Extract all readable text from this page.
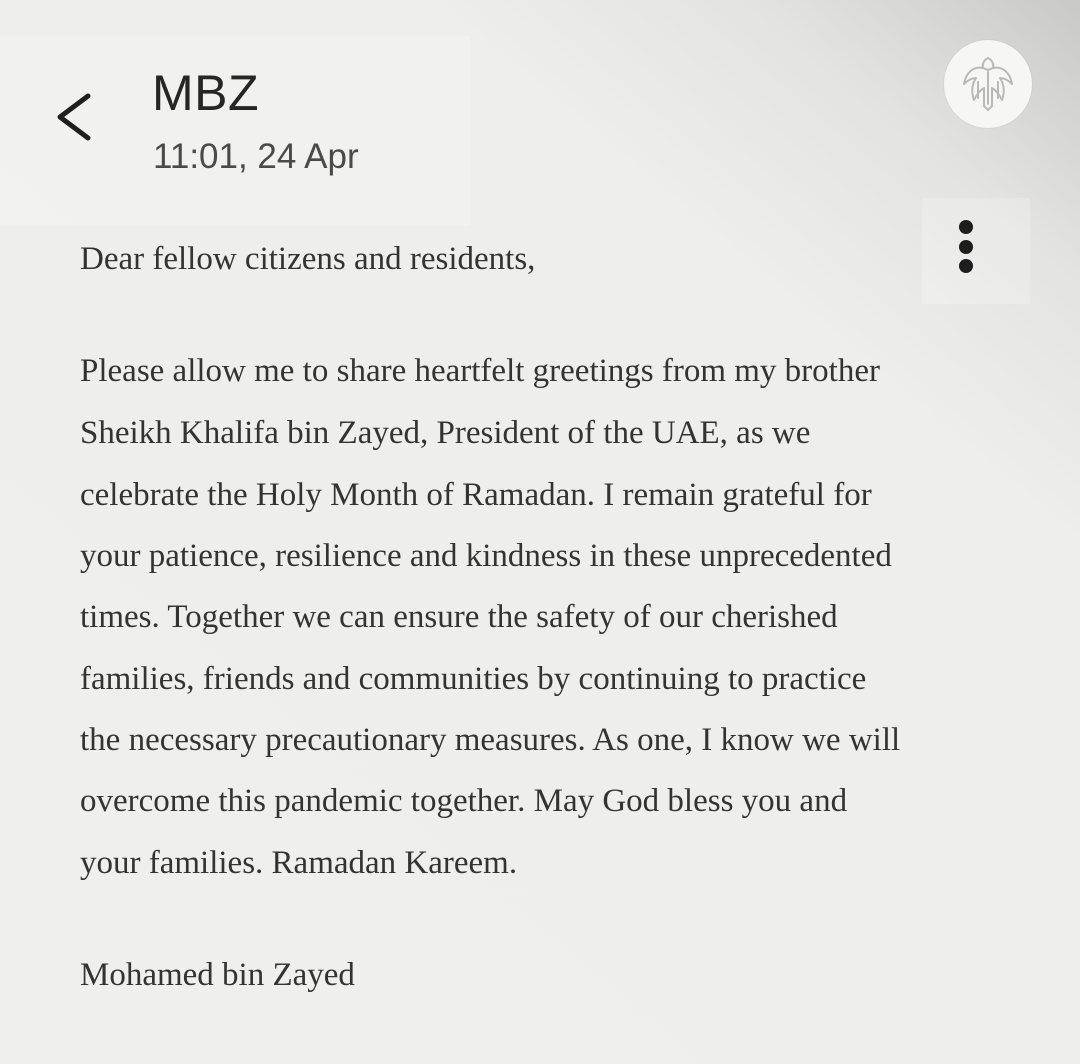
MBZ
11:01, 24 Apr
Dear fellow citizens and residents,
Please allow me to share heartfelt greetings from my brother
Sheikh Khalifa bin Zayed, President of the UAE, as we
celebrate the Holy Month of Ramadan. I remain grateful for
your patience, resilience and kindness in these unprecedented
times. Together we can ensure the safety of our cherished
families, friends and communities by continuing to practice
the necessary precautionary measures. As one, I know we will
overcome this pandemic together. May God bless you and
your families. Ramadan Kareem.
Mohamed bin Zayed
